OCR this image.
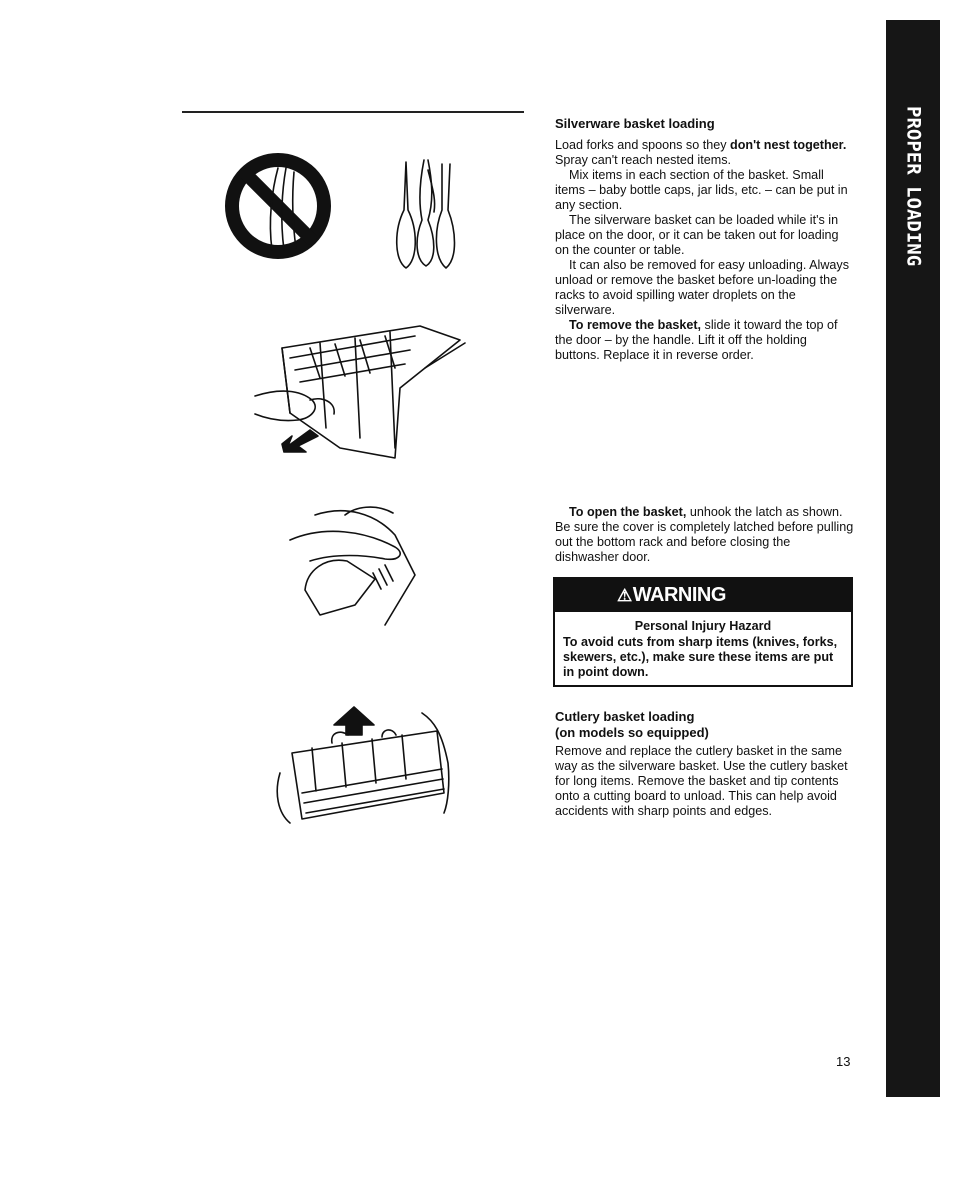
PROPER LOADING

Silverware basket loading

Load forks and spoons so they don't nest together. Spray can't reach nested items.

Mix items in each section of the basket. Small items – baby bottle caps, jar lids, etc. – can be put in any section.

The silverware basket can be loaded while it's in place on the door, or it can be taken out for loading on the counter or table.

It can also be removed for easy unloading. Always unload or remove the basket before un-loading the racks to avoid spilling water droplets on the silverware.

To remove the basket, slide it toward the top of the door – by the handle. Lift it off the holding buttons. Replace it in reverse order.

To open the basket, unhook the latch as shown. Be sure the cover is completely latched before pulling out the bottom rack and before closing the dishwasher door.

⚠WARNING
Personal Injury Hazard
To avoid cuts from sharp items (knives, forks, skewers, etc.), make sure these items are put in point down.

Cutlery basket loading
(on models so equipped)

Remove and replace the cutlery basket in the same way as the silverware basket. Use the cutlery basket for long items. Remove the basket and tip contents onto a cutting board to unload. This can help avoid accidents with sharp points and edges.

13
